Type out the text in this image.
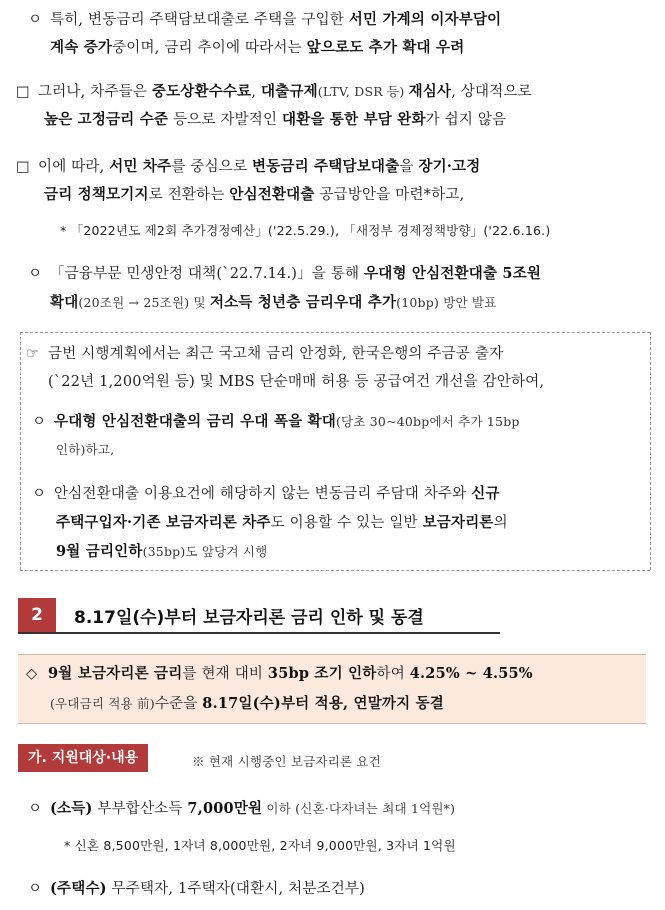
ㅇ 특히, 변동금리 주택담보대출로 주택을 구입한 서민 가계의 이자부담이
계속 증가중이며, 금리 추이에 따라서는 앞으로도 추가 확대 우려
□ 그러나, 차주들은 중도상환수수료, 대출규제(LTV, DSR 등) 재심사, 상대적으로
높은 고정금리 수준 등으로 자발적인 대환을 통한 부담 완화가 쉽지 않음
□ 이에 따라, 서민 차주를 중심으로 변동금리 주택담보대출을 장기·고정
금리 정책모기지로 전환하는 안심전환대출 공급방안을 마련*하고,
* 「2022년도 제2회 추가경정예산」('22.5.29.), 「새정부 경제정책방향」('22.6.16.)
ㅇ 「금융부문 민생안정 대책(`22.7.14.)」을 통해 우대형 안심전환대출 5조원
확대(20조원 → 25조원) 및 저소득 청년층 금리우대 추가(10bp) 방안 발표
☞ 금번 시행계획에서는 최근 국고채 금리 안정화, 한국은행의 주금공 출자
(`22년 1,200억원 등) 및 MBS 단순매매 허용 등 공급여건 개선을 감안하여,
ㅇ 우대형 안심전환대출의 금리 우대 폭을 확대(당초 30~40bp에서 추가 15bp
인하)하고,
ㅇ 안심전환대출 이용요건에 해당하지 않는 변동금리 주담대 차주와 신규
주택구입자·기존 보금자리론 차주도 이용할 수 있는 일반 보금자리론의
9월 금리인하(35bp)도 앞당겨 시행
2	8.17일(수)부터 보금자리론 금리 인하 및 동결
◇ 9월 보금자리론 금리를 현재 대비 35bp 조기 인하하여 4.25% ~ 4.55%
(우대금리 적용 前)수준을 8.17일(수)부터 적용, 연말까지 동결
가. 지원대상·내용	※ 현재 시행중인 보금자리론 요건
ㅇ (소득) 부부합산소득 7,000만원 이하 (신혼·다자녀는 최대 1억원*)
* 신혼 8,500만원, 1자녀 8,000만원, 2자녀 9,000만원, 3자녀 1억원
ㅇ (주택수) 무주택자, 1주택자(대환시, 처분조건부)
